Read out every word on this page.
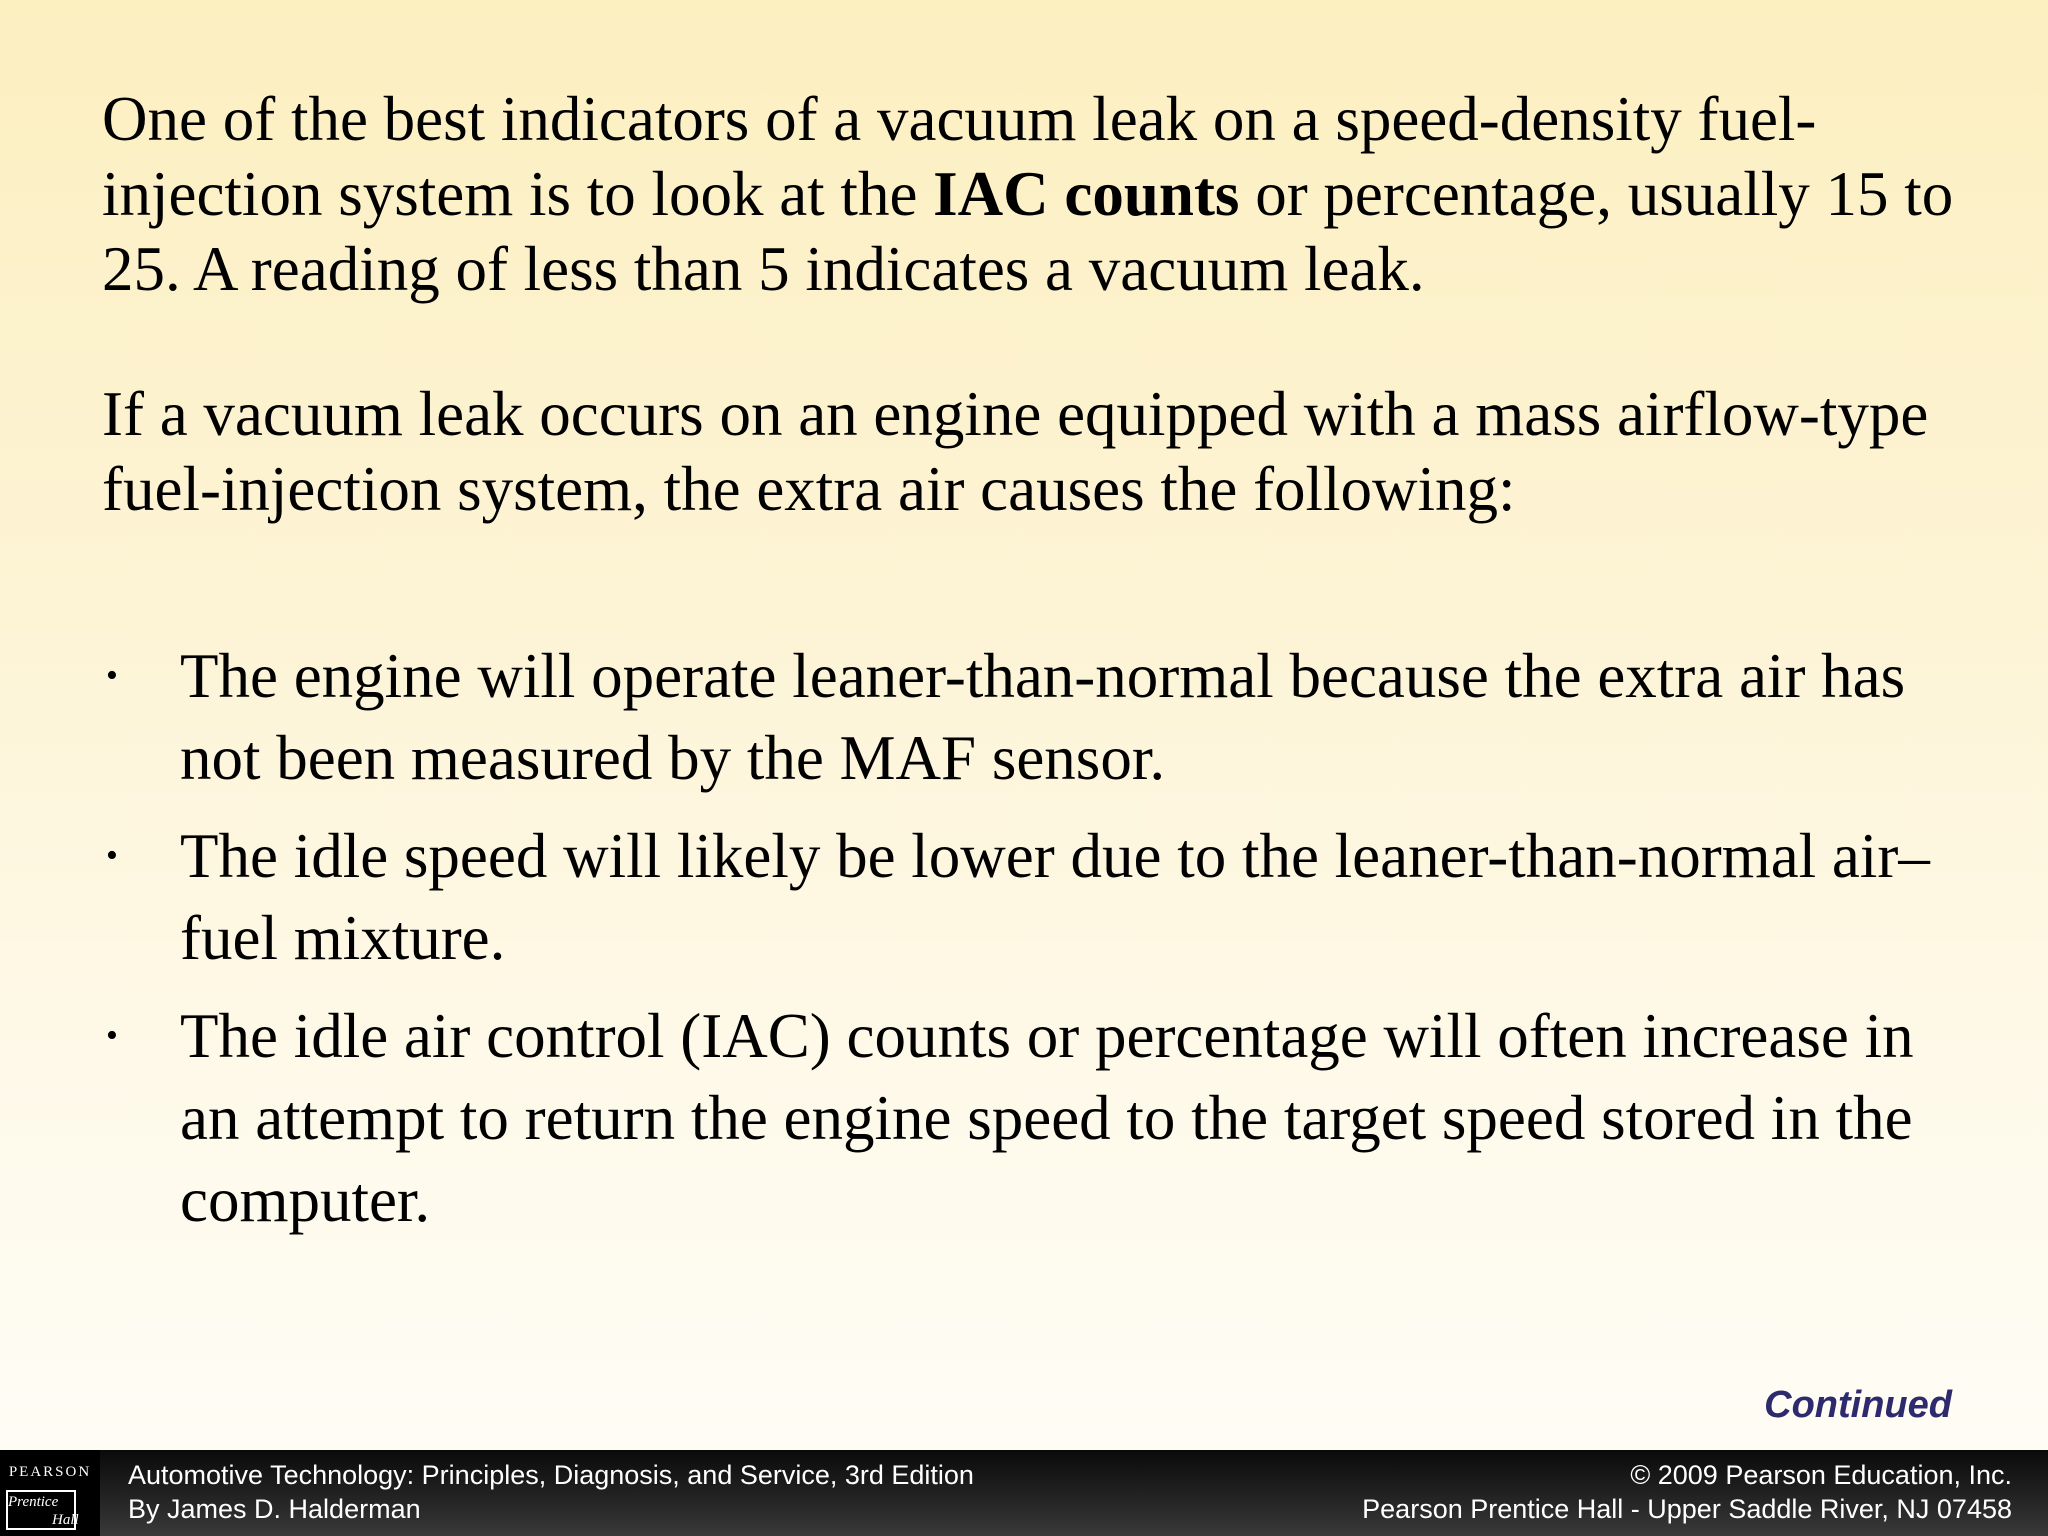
One of the best indicators of a vacuum leak on a speed-density fuel-injection system is to look at the IAC counts or percentage, usually 15 to 25. A reading of less than 5 indicates a vacuum leak.

If a vacuum leak occurs on an engine equipped with a mass airflow-type fuel-injection system, the extra air causes the following:

• The engine will operate leaner-than-normal because the extra air has not been measured by the MAF sensor.
• The idle speed will likely be lower due to the leaner-than-normal air–fuel mixture.
• The idle air control (IAC) counts or percentage will often increase in an attempt to return the engine speed to the target speed stored in the computer.
Continued
PEARSON
Prentice
Hall
Automotive Technology: Principles, Diagnosis, and Service, 3rd Edition
By James D. Halderman
© 2009 Pearson Education, Inc.
Pearson Prentice Hall - Upper Saddle River, NJ 07458
